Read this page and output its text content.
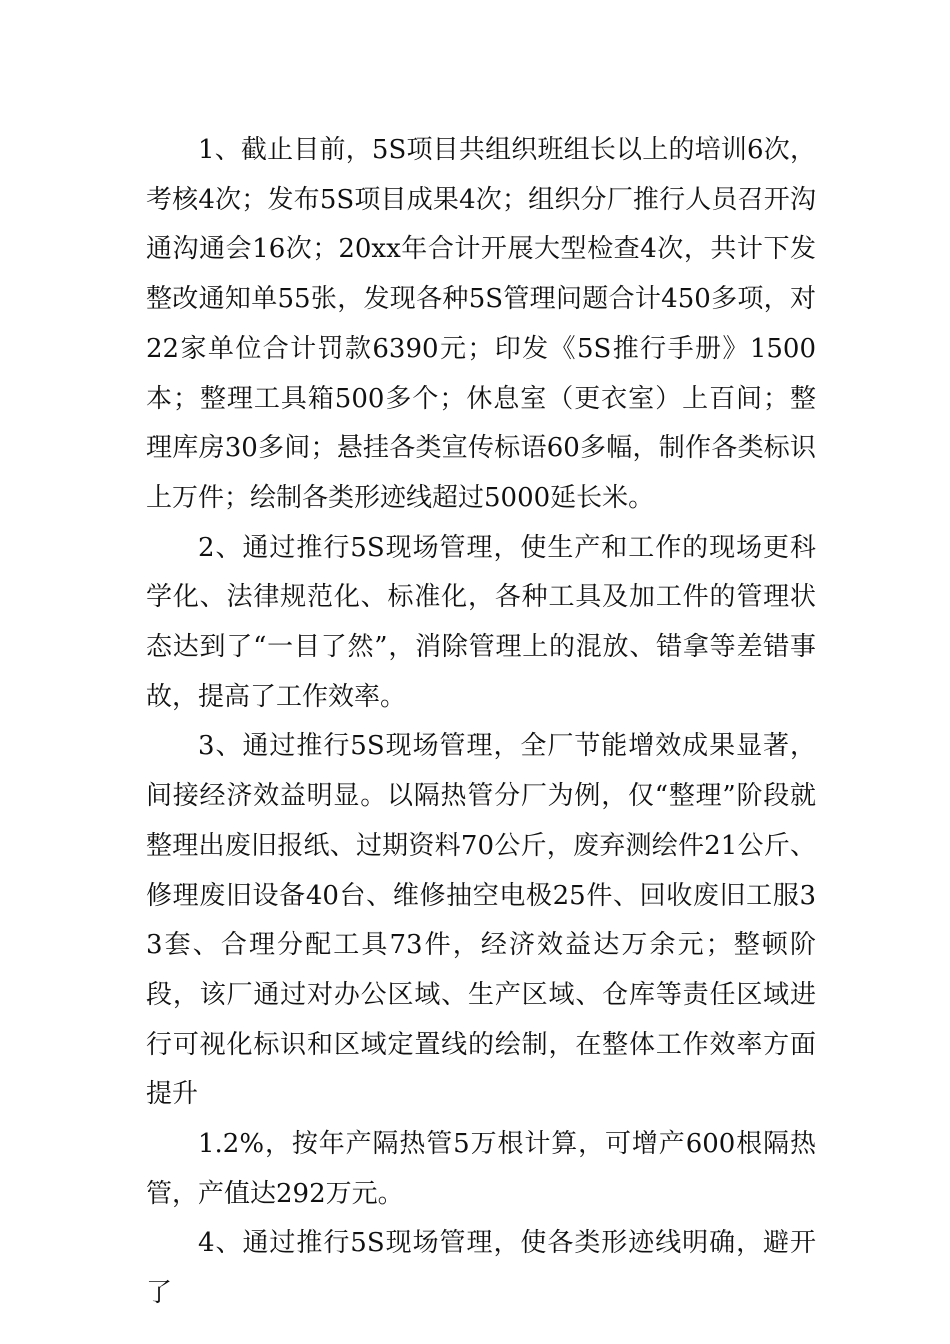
1、截止目前，5S项目共组织班组长以上的培训6次，考核4次；发布5S项目成果4次；组织分厂推行人员召开沟通沟通会16次；20xx年合计开展大型检查4次，共计下发整改通知单55张，发现各种5S管理问题合计450多项，对22家单位合计罚款6390元；印发《5S推行手册》1500本；整理工具箱500多个；休息室（更衣室）上百间；整理库房30多间；悬挂各类宣传标语60多幅，制作各类标识上万件；绘制各类形迹线超过5000延长米。

2、通过推行5S现场管理，使生产和工作的现场更科学化、法律规范化、标准化，各种工具及加工件的管理状态达到了“一目了然”，消除管理上的混放、错拿等差错事故，提高了工作效率。

3、通过推行5S现场管理，全厂节能增效成果显著，间接经济效益明显。以隔热管分厂为例，仅“整理”阶段就整理出废旧报纸、过期资料70公斤，废弃测绘件21公斤、修理废旧设备40台、维修抽空电极25件、回收废旧工服33套、合理分配工具73件，经济效益达万余元；整顿阶段，该厂通过对办公区域、生产区域、仓库等责任区域进行可视化标识和区域定置线的绘制，在整体工作效率方面提升

1.2%，按年产隔热管5万根计算，可增产600根隔热管，产值达292万元。

4、通过推行5S现场管理，使各类形迹线明确，避开了
